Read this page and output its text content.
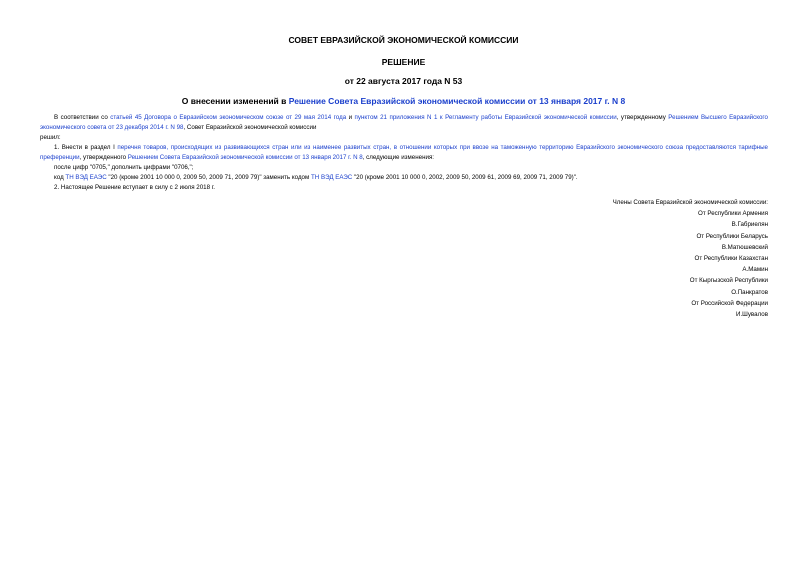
СОВЕТ ЕВРАЗИЙСКОЙ ЭКОНОМИЧЕСКОЙ КОМИССИИ
РЕШЕНИЕ
от 22 августа 2017 года N 53
О внесении изменений в Решение Совета Евразийской экономической комиссии от 13 января 2017 г. N 8

В соответствии со статьей 45 Договора о Евразийском экономическом союзе от 29 мая 2014 года и пунктом 21 приложения N 1 к Регламенту работы Евразийской экономической комиссии, утвержденному Решением Высшего Евразийского экономического совета от 23 декабря 2014 г. N 98, Совет Евразийской экономической комиссии

решил:

1. Внести в раздел I перечня товаров, происходящих из развивающихся стран или из наименее развитых стран, в отношении которых при ввозе на таможенную территорию Евразийского экономического союза предоставляются тарифные преференции, утвержденного Решением Совета Евразийской экономической комиссии от 13 января 2017 г. N 8, следующие изменения:

после цифр "0705," дополнить цифрами "0706,";

код ТН ВЭД ЕАЭС "20 (кроме 2001 10 000 0, 2009 50, 2009 71, 2009 79)" заменить кодом ТН ВЭД ЕАЭС "20 (кроме 2001 10 000 0, 2002, 2009 50, 2009 61, 2009 69, 2009 71, 2009 79)".

2. Настоящее Решение вступает в силу с 2 июля 2018 г.

Члены Совета Евразийской экономической комиссии:
От Республики Армения
В.Габриелян
От Республики Беларусь
В.Матюшевский
От Республики Казахстан
А.Мамин
От Кыргызской Республики
О.Панкратов
От Российской Федерации
И.Шувалов
